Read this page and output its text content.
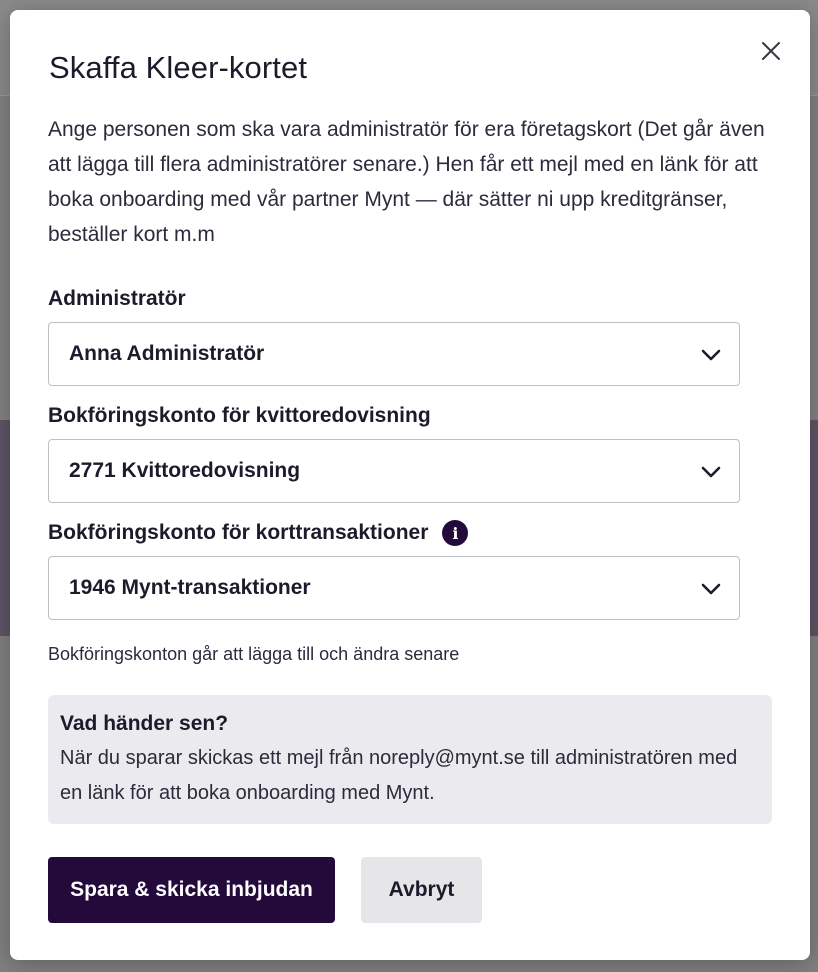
Skaffa Kleer-kortet

Ange personen som ska vara administratör för era företagskort (Det går även att lägga till flera administratörer senare.) Hen får ett mejl med en länk för att boka onboarding med vår partner Mynt — där sätter ni upp kreditgränser, beställer kort m.m

Administratör
Anna Administratör
Bokföringskonto för kvittoredovisning
2771 Kvittoredovisning
Bokföringskonto för korttransaktioner	i
1946 Mynt-transaktioner

Bokföringskonton går att lägga till och ändra senare

Vad händer sen?
När du sparar skickas ett mejl från noreply@mynt.se till administratören med en länk för att boka onboarding med Mynt.
Spara & skicka inbjudan	Avbryt
